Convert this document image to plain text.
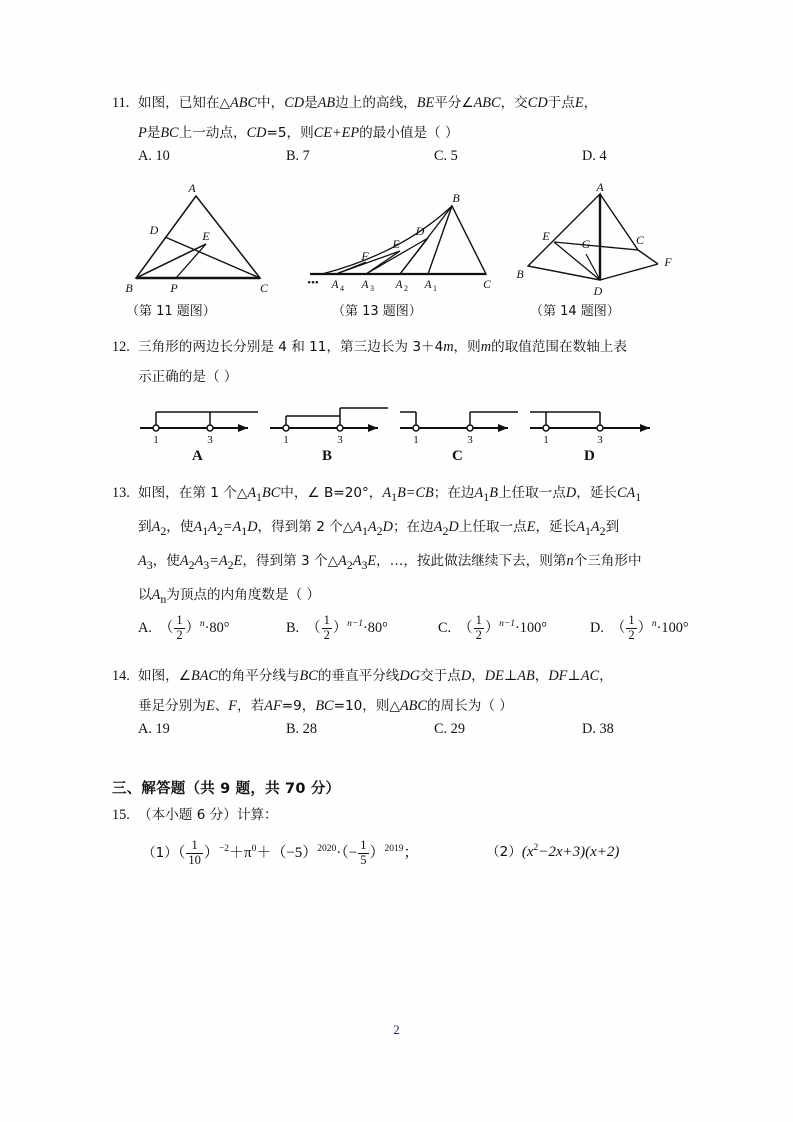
11. 如图，已知在△ABC中，CD是AB边上的高线，BE平分∠ABC，交CD于点E，
P是BC上一动点，CD=5，则CE+EP的最小值是（ ）
A. 10	B. 7	C. 5	D. 4
A
D	E
B	P	C
B
D
E
F
••• A 4 A 3 A 2 A 1	C
A
E
G	C
B
D
F
（第 11 题图）	（第 13 题图）	（第 14 题图）
12. 三角形的两边长分别是 4 和 11，第三边长为 3＋4m，则m的取值范围在数轴上表
示正确的是（ ）
1	3	1	3	1	3	1	3
A	B	C	D
13. 如图，在第 1 个$\triangle A_1BC$中，∠ B=20°，$A_1B=CB$；在边$A_1B$上任取一点D，延长$CA_1$
到$A_2$，使$A_1A_2=A_1D$，得到第 2 个$\triangle A_1A_2D$；在边$A_2D$上任取一点E，延长$A_1A_2$到
$A_3$，使$A_2A_3=A_2E$，得到第 3 个$\triangle A_2A_3E$，…，按此做法继续下去，则第n个三角形中
以$A_n$为顶点的内角度数是（ ）
A.  （ $\frac{1}{2} )^n\cdot 80^\circ$	B.  （ $\frac{1}{2} )^{n-1}\cdot 80^\circ$	C.  （ $\frac{1}{2} )^{n-1}\cdot 100^\circ$	D.  （ $\frac{1}{2} )^n\cdot 100^\circ$
14. 如图，∠BAC的角平分线与BC的垂直平分线DG交于点D，DE⊥AB，DF⊥AC，
垂足分别为E、F，若AF=9，BC=10，则△ABC的周长为（ ）
A. 19	B. 28	C. 29	D. 38
三、解答题（共 9 题，共 70 分）
15. （本小题 6 分）计算：
$(1)( \frac{1}{10} )^{-2}+\pi^0+(-5)^{2020}\cdot(- \frac{1}{5} )^{2019}$；	$(2)(x^2-2x+3)(x+2)$
2
